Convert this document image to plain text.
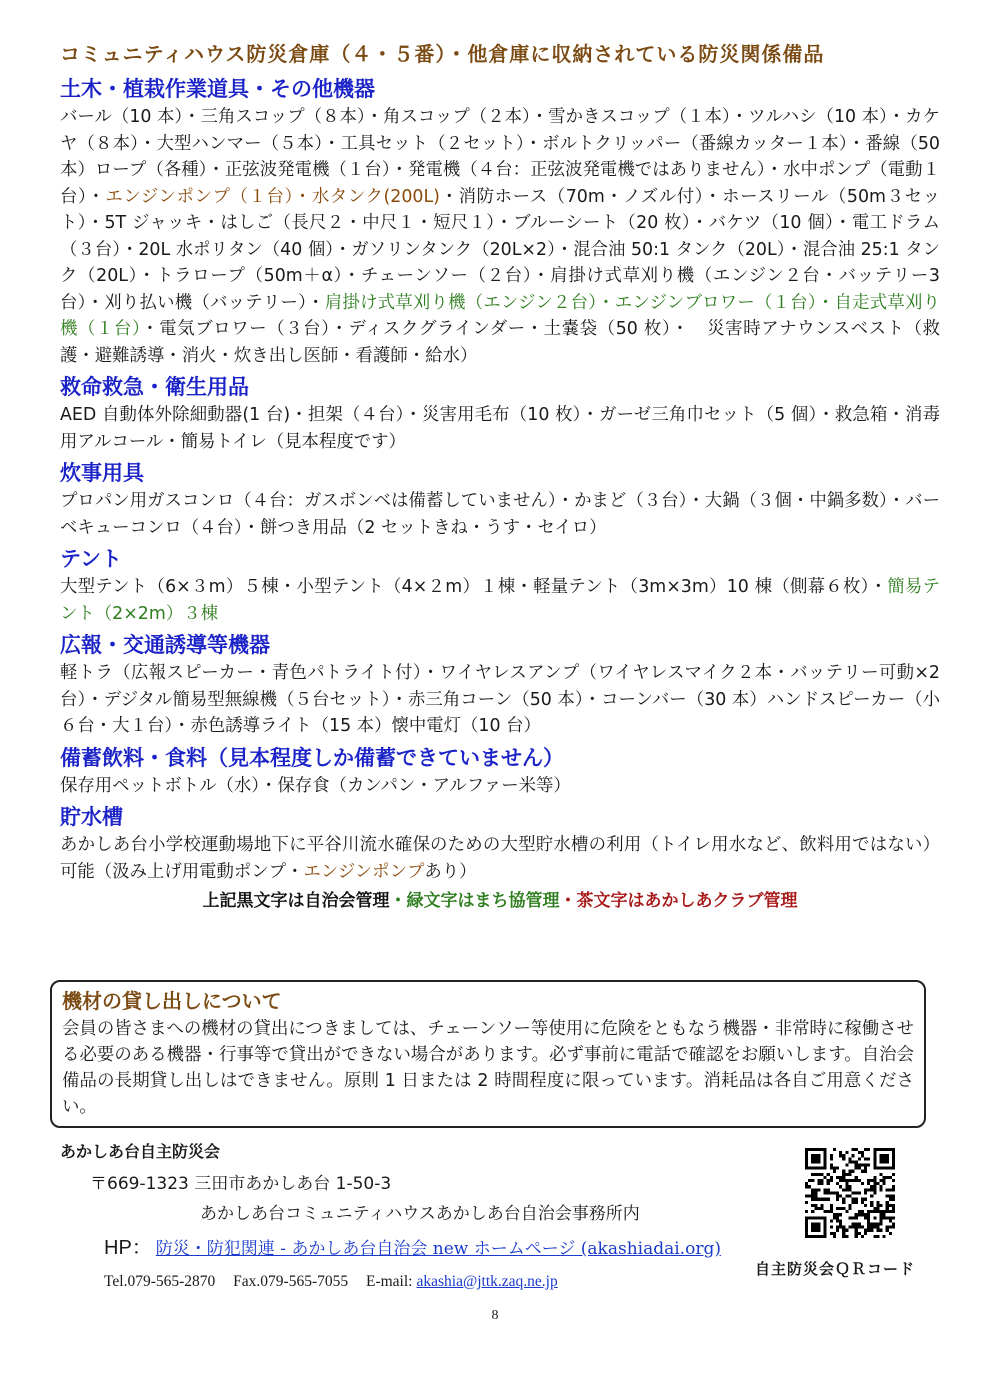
コミュニティハウス防災倉庫（４・５番）・他倉庫に収納されている防災関係備品
土木・植栽作業道具・その他機器
バール（10 本）・三角スコップ（８本）・角スコップ（２本）・雪かきスコップ（１本）・ツルハシ（10 本）・カケヤ（８本）・大型ハンマー（５本）・工具セット（２セット）・ボルトクリッパー（番線カッター１本）・番線（50 本）ロープ（各種）・正弦波発電機（１台）・発電機（４台：正弦波発電機ではありません）・水中ポンプ（電動１台）・エンジンポンプ（１台）・水タンク(200L)・消防ホース（70m・ノズル付）・ホースリール（50m３セット）・5T ジャッキ・はしご（長尺２・中尺１・短尺１）・ブルーシート（20 枚）・バケツ（10 個）・電工ドラム（３台）・20L 水ポリタン（40 個）・ガソリンタンク（20L×2）・混合油 50:1 タンク（20L）・混合油 25:1 タンク（20L）・トラロープ（50m＋α）・チェーンソー（２台）・肩掛け式草刈り機（エンジン２台・バッテリー3 台）・刈り払い機（バッテリー）・肩掛け式草刈り機（エンジン２台）・エンジンブロワー（１台）・自走式草刈り機（１台）・電気ブロワー（３台）・ディスクグラインダー・土嚢袋（50 枚）・　災害時アナウンスベスト（救護・避難誘導・消火・炊き出し医師・看護師・給水）
救命救急・衛生用品
AED 自動体外除細動器(1 台)・担架（４台）・災害用毛布（10 枚）・ガーゼ三角巾セット（5 個）・救急箱・消毒用アルコール・簡易トイレ（見本程度です）
炊事用具
プロパン用ガスコンロ（４台：ガスボンベは備蓄していません）・かまど（３台）・大鍋（３個・中鍋多数）・バーベキューコンロ（４台）・餅つき用品（2 セットきね・うす・セイロ）
テント
大型テント（6×３m）５棟・小型テント（4×２m）１棟・軽量テント（3m×3m）10 棟（側幕６枚）・簡易テント（2×2m）３棟
広報・交通誘導等機器
軽トラ（広報スピーカー・青色パトライト付）・ワイヤレスアンプ（ワイヤレスマイク２本・バッテリー可動×2 台）・デジタル簡易型無線機（５台セット）・赤三角コーン（50 本）・コーンバー（30 本）ハンドスピーカー（小６台・大１台）・赤色誘導ライト（15 本）懐中電灯（10 台）
備蓄飲料・食料（見本程度しか備蓄できていません）
保存用ペットボトル（水）・保存食（カンパン・アルファー米等）
貯水槽
あかしあ台小学校運動場地下に平谷川流水確保のための大型貯水槽の利用（トイレ用水など、飲料用ではない）可能（汲み上げ用電動ポンプ・エンジンポンプあり）
上記黒文字は自治会管理・緑文字はまち協管理・茶文字はあかしあクラブ管理
機材の貸し出しについて
会員の皆さまへの機材の貸出につきましては、チェーンソー等使用に危険をともなう機器・非常時に稼働させる必要のある機器・行事等で貸出ができない場合があります。必ず事前に電話で確認をお願いします。自治会備品の長期貸し出しはできません。原則 1 日または 2 時間程度に限っています。消耗品は各自ご用意ください。
あかしあ台自主防災会
〒669-1323 三田市あかしあ台 1-50-3
あかしあ台コミュニティハウスあかしあ台自治会事務所内
HP： 防災・防犯関連 - あかしあ台自治会 new ホームページ (akashiadai.org)
Tel.079-565-2870 Fax.079-565-7055 E-mail: akashia@jttk.zaq.ne.jp
自主防災会ＱＲコード
8
